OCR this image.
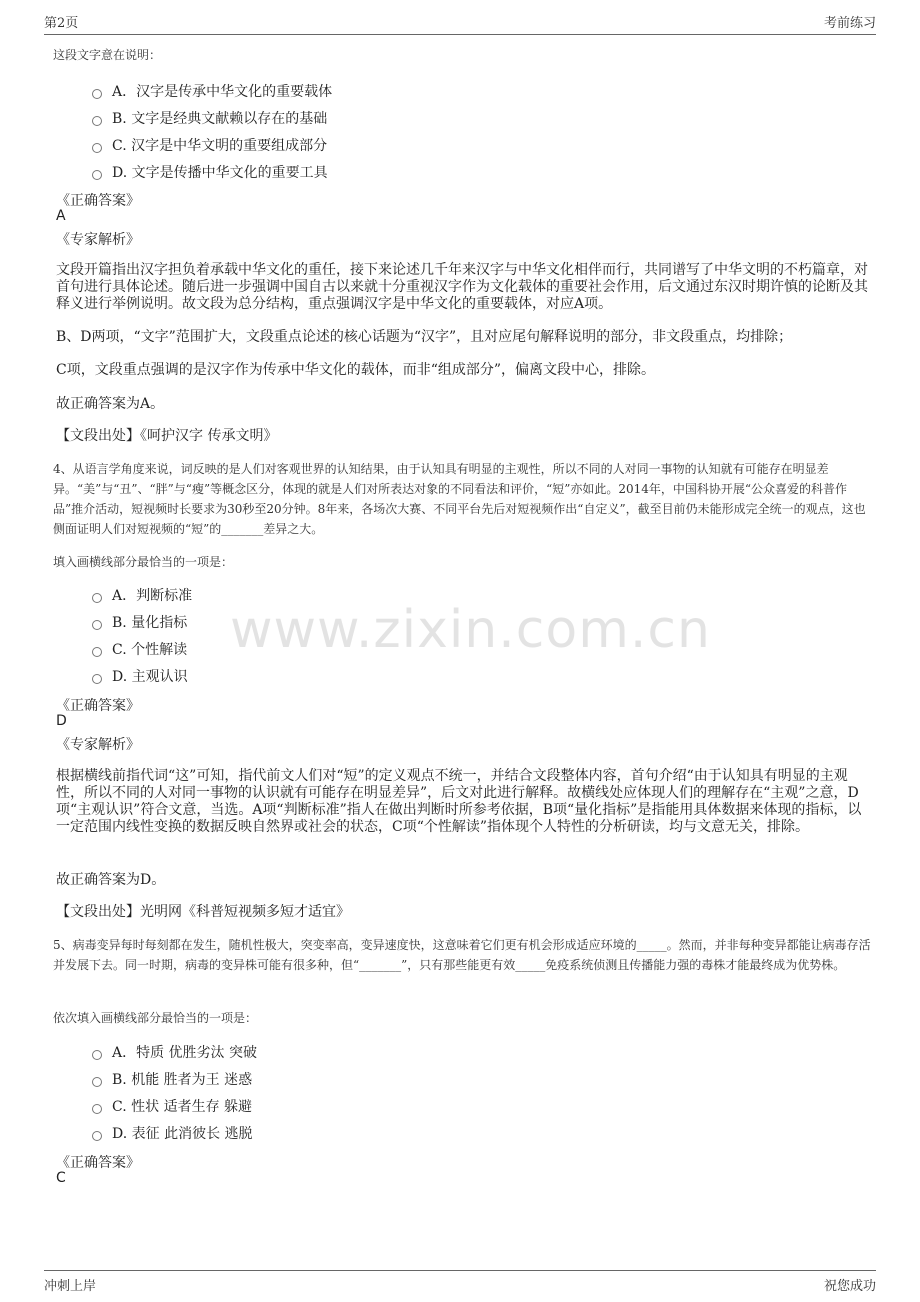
第2页	考前练习
www.zixin.com.cn
这段文字意在说明：
A．汉字是传承中华文化的重要载体
B. 文字是经典文献赖以存在的基础
C. 汉字是中华文明的重要组成部分
D. 文字是传播中华文化的重要工具
《正确答案》
A
《专家解析》
文段开篇指出汉字担负着承载中华文化的重任，接下来论述几千年来汉字与中华文化相伴而行，共同谱写了中华文明的不朽篇章，对首句进行具体论述。随后进一步强调中国自古以来就十分重视汉字作为文化载体的重要社会作用，后文通过东汉时期许慎的论断及其释义进行举例说明。故文段为总分结构，重点强调汉字是中华文化的重要载体，对应A项。
B、D两项，“文字”范围扩大，文段重点论述的核心话题为“汉字”，且对应尾句解释说明的部分，非文段重点，均排除；
C项，文段重点强调的是汉字作为传承中华文化的载体，而非“组成部分”，偏离文段中心，排除。
故正确答案为A。
【文段出处】《呵护汉字 传承文明》
4、从语言学角度来说，词反映的是人们对客观世界的认知结果，由于认知具有明显的主观性，所以不同的人对同一事物的认知就有可能存在明显差异。“美”与“丑”、“胖”与“瘦”等概念区分，体现的就是人们对所表达对象的不同看法和评价，“短”亦如此。2014年，中国科协开展“公众喜爱的科普作品”推介活动，短视频时长要求为30秒至20分钟。8年来，各场次大赛、不同平台先后对短视频作出“自定义”，截至目前仍未能形成完全统一的观点，这也侧面证明人们对短视频的“短”的_______差异之大。
填入画横线部分最恰当的一项是：
A．判断标准
B. 量化指标
C. 个性解读
D. 主观认识
《正确答案》
D
《专家解析》
根据横线前指代词“这”可知，指代前文人们对“短”的定义观点不统一，并结合文段整体内容，首句介绍“由于认知具有明显的主观性，所以不同的人对同一事物的认识就有可能存在明显差异”，后文对此进行解释。故横线处应体现人们的理解存在“主观”之意，D项“主观认识”符合文意，当选。A项“判断标准”指人在做出判断时所参考依据，B项“量化指标”是指能用具体数据来体现的指标，以一定范围内线性变换的数据反映自然界或社会的状态，C项“个性解读”指体现个人特性的分析研读，均与文意无关，排除。
故正确答案为D。
【文段出处】光明网《科普短视频多短才适宜》
5、病毒变异每时每刻都在发生，随机性极大，突变率高，变异速度快，这意味着它们更有机会形成适应环境的_____。然而，并非每种变异都能让病毒存活并发展下去。同一时期，病毒的变异株可能有很多种，但“_______”，只有那些能更有效_____免疫系统侦测且传播能力强的毒株才能最终成为优势株。
依次填入画横线部分最恰当的一项是：
A．特质 优胜劣汰 突破
B. 机能 胜者为王 迷惑
C. 性状 适者生存 躲避
D. 表征 此消彼长 逃脱
《正确答案》
C
冲刺上岸	祝您成功
